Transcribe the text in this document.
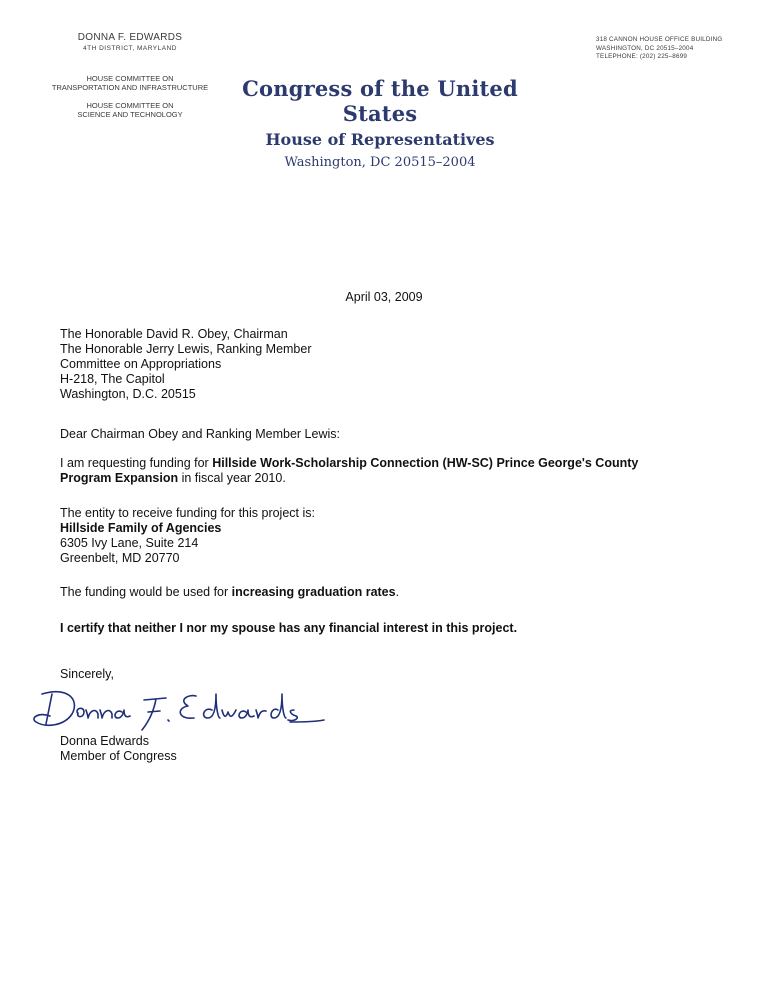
DONNA F. EDWARDS
4TH DISTRICT, MARYLAND
HOUSE COMMITTEE ON
TRANSPORTATION AND INFRASTRUCTURE
HOUSE COMMITTEE ON
SCIENCE AND TECHNOLOGY
Congress of the United States
House of Representatives
Washington, DC 20515–2004
318 CANNON HOUSE OFFICE BUILDING
WASHINGTON, DC 20515–2004
TELEPHONE: (202) 225–8699
April 03, 2009
The Honorable David R. Obey, Chairman
The Honorable Jerry Lewis, Ranking Member
Committee on Appropriations
H-218, The Capitol
Washington, D.C. 20515
Dear Chairman Obey and Ranking Member Lewis:
I am requesting funding for Hillside Work-Scholarship Connection (HW-SC) Prince George's County Program Expansion in fiscal year 2010.
The entity to receive funding for this project is:
Hillside Family of Agencies
6305 Ivy Lane, Suite 214
Greenbelt, MD 20770
The funding would be used for increasing graduation rates.
I certify that neither I nor my spouse has any financial interest in this project.
Sincerely,
Donna Edwards
Member of Congress
